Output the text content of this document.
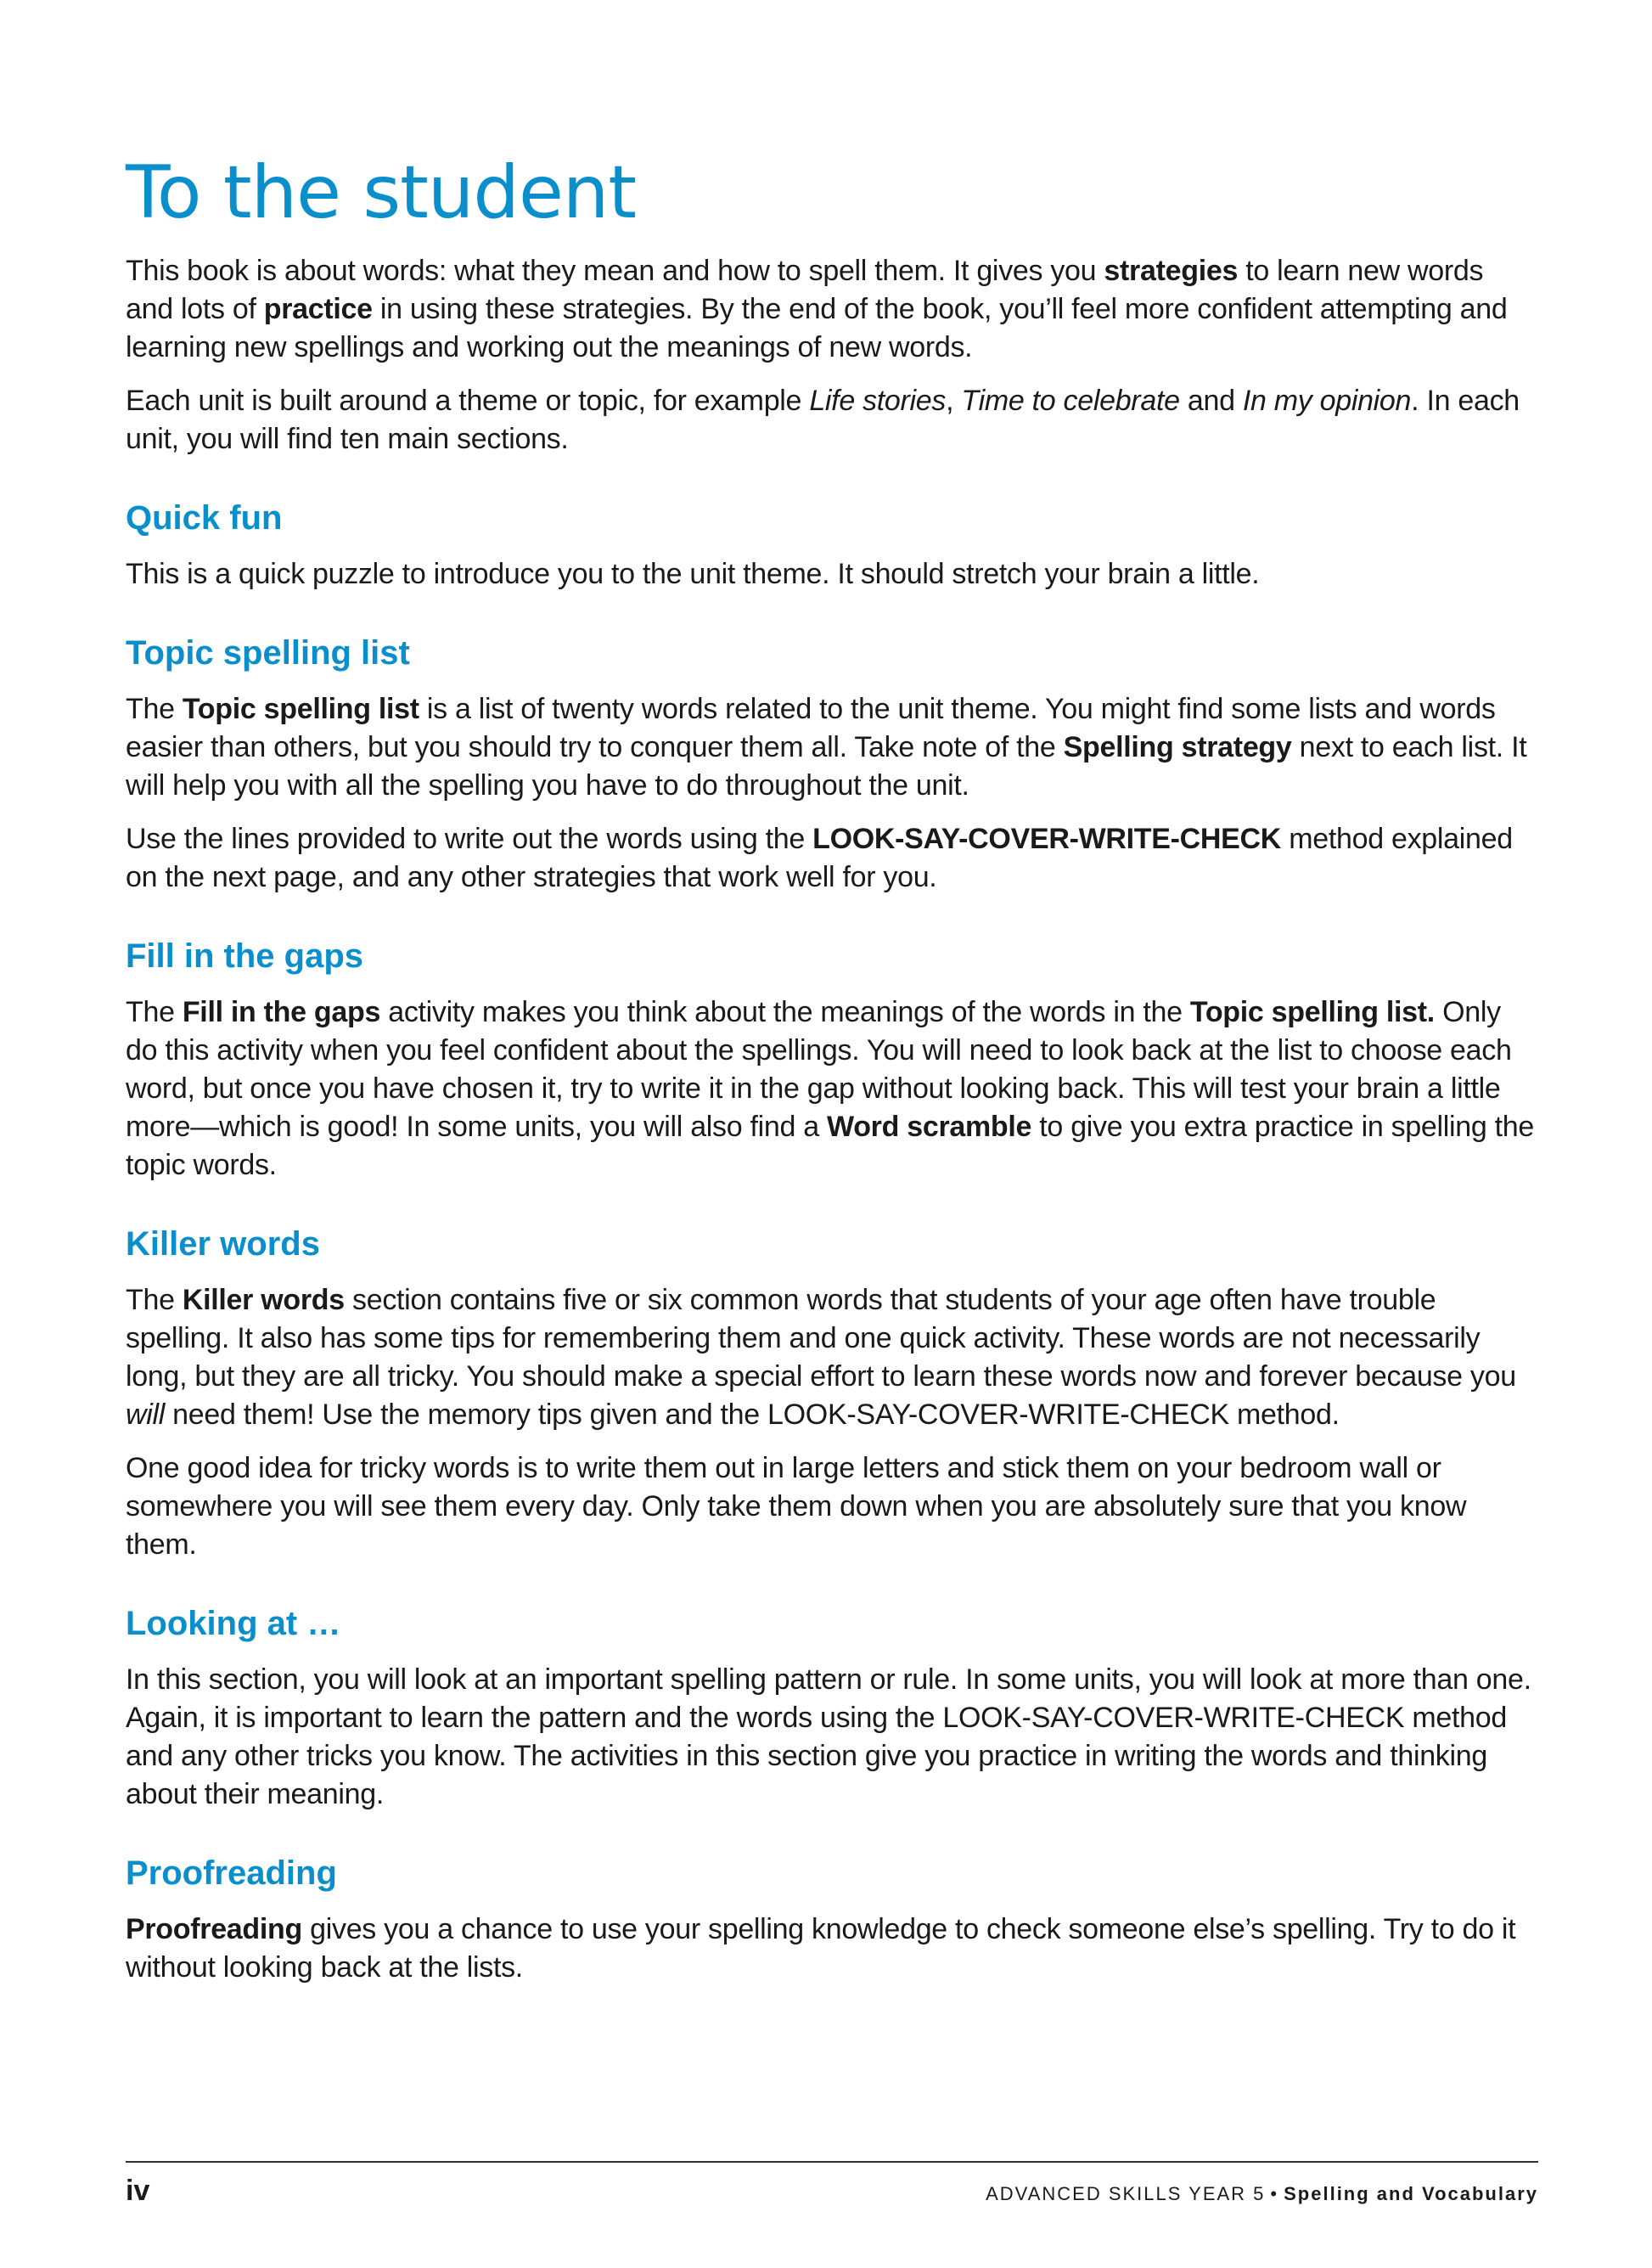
To the student

This book is about words: what they mean and how to spell them. It gives you strategies to learn new words and lots of practice in using these strategies. By the end of the book, you’ll feel more confident attempting and learning new spellings and working out the meanings of new words.

Each unit is built around a theme or topic, for example Life stories, Time to celebrate and In my opinion. In each unit, you will find ten main sections.

Quick fun

This is a quick puzzle to introduce you to the unit theme. It should stretch your brain a little.

Topic spelling list

The Topic spelling list is a list of twenty words related to the unit theme. You might find some lists and words easier than others, but you should try to conquer them all. Take note of the Spelling strategy next to each list. It will help you with all the spelling you have to do throughout the unit.

Use the lines provided to write out the words using the LOOK-SAY-COVER-WRITE-CHECK method explained on the next page, and any other strategies that work well for you.

Fill in the gaps

The Fill in the gaps activity makes you think about the meanings of the words in the Topic spelling list. Only do this activity when you feel confident about the spellings. You will need to look back at the list to choose each word, but once you have chosen it, try to write it in the gap without looking back. This will test your brain a little more—which is good! In some units, you will also find a Word scramble to give you extra practice in spelling the topic words.

Killer words

The Killer words section contains five or six common words that students of your age often have trouble spelling. It also has some tips for remembering them and one quick activity. These words are not necessarily long, but they are all tricky. You should make a special effort to learn these words now and forever because you will need them! Use the memory tips given and the LOOK-SAY-COVER-WRITE-CHECK method.

One good idea for tricky words is to write them out in large letters and stick them on your bedroom wall or somewhere you will see them every day. Only take them down when you are absolutely sure that you know them.

Looking at …

In this section, you will look at an important spelling pattern or rule. In some units, you will look at more than one. Again, it is important to learn the pattern and the words using the LOOK-SAY-COVER-WRITE-CHECK method and any other tricks you know. The activities in this section give you practice in writing the words and thinking about their meaning.

Proofreading

Proofreading gives you a chance to use your spelling knowledge to check someone else’s spelling. Try to do it without looking back at the lists.

iv	ADVANCED SKILLS YEAR 5 • Spelling and Vocabulary
